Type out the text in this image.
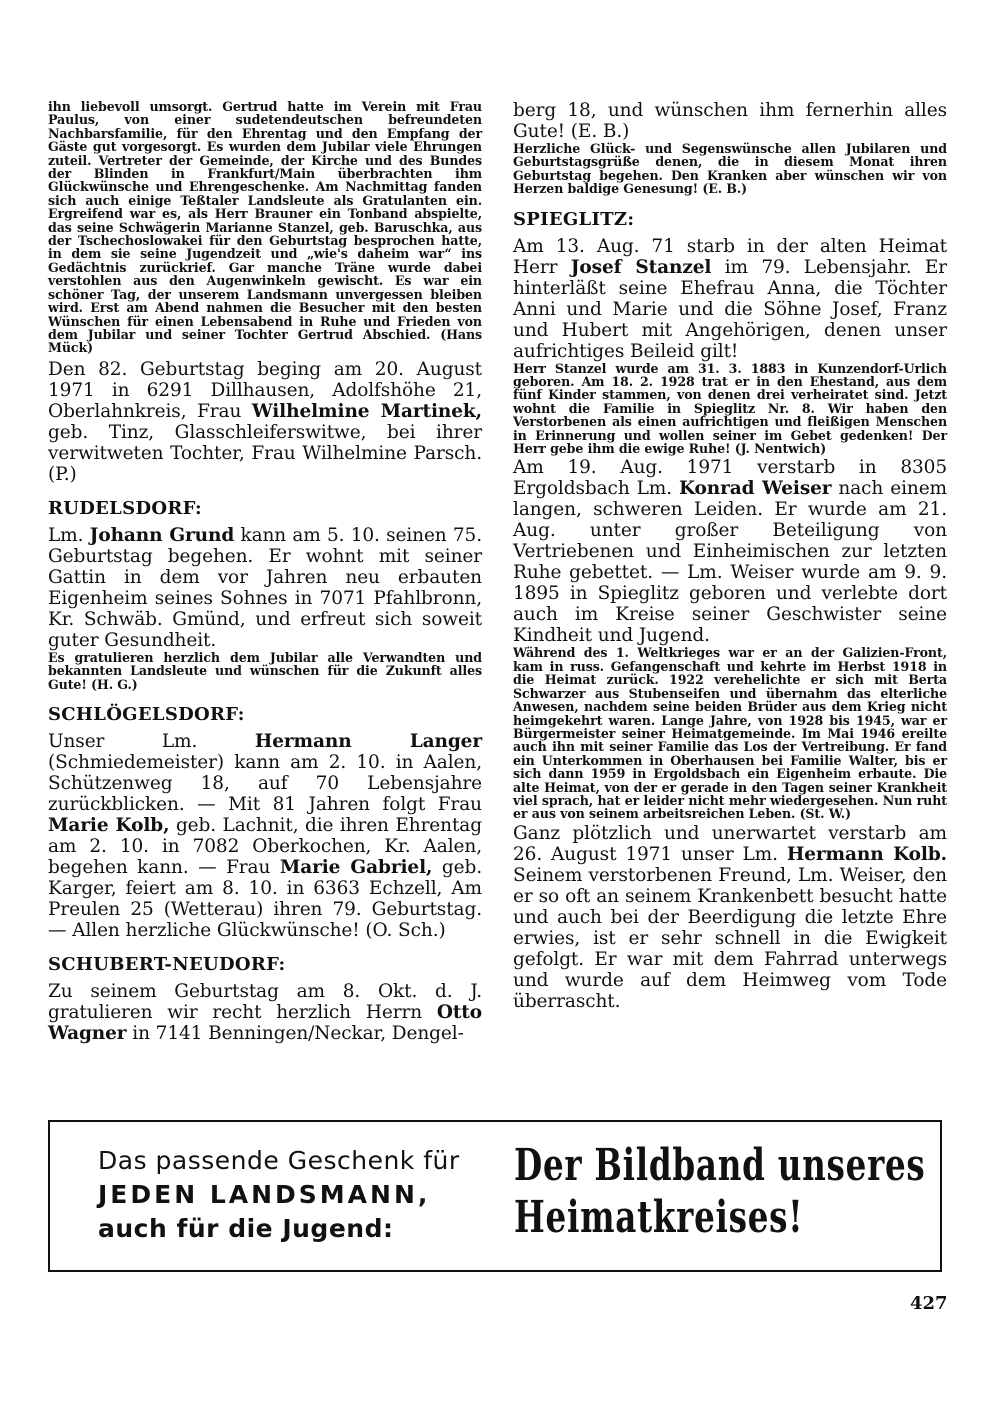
ihn liebevoll umsorgt. Gertrud hatte im Verein mit Frau Paulus, von einer sudetendeutschen befreundeten Nachbarsfamilie, für den Ehrentag und den Empfang der Gäste gut vorgesorgt. Es wurden dem Jubilar viele Ehrungen zuteil. Vertreter der Gemeinde, der Kirche und des Bundes der Blinden in Frankfurt/Main überbrachten ihm Glückwünsche und Ehrengeschenke. Am Nachmittag fanden sich auch einige Teßtaler Landsleute als Gratulanten ein. Ergreifend war es, als Herr Brauner ein Tonband abspielte, das seine Schwägerin Marianne Stanzel, geb. Baruschka, aus der Tschechoslowakei für den Geburtstag besprochen hatte, in dem sie seine Jugendzeit und „wie's daheim war“ ins Gedächtnis zurückrief. Gar manche Träne wurde dabei verstohlen aus den Augenwinkeln gewischt. Es war ein schöner Tag, der unserem Landsmann unvergessen bleiben wird. Erst am Abend nahmen die Besucher mit den besten Wünschen für einen Lebensabend in Ruhe und Frieden von dem Jubilar und seiner Tochter Gertrud Abschied. (Hans Mück)

Den 82. Geburtstag beging am 20. August 1971 in 6291 Dillhausen, Adolfshöhe 21, Oberlahnkreis, Frau Wilhelmine Martinek, geb. Tinz, Glasschleiferswitwe, bei ihrer verwitweten Tochter, Frau Wilhelmine Parsch. (P.)

RUDELSDORF:

Lm. Johann Grund kann am 5. 10. seinen 75. Geburtstag begehen. Er wohnt mit seiner Gattin in dem vor Jahren neu erbauten Eigenheim seines Sohnes in 7071 Pfahlbronn, Kr. Schwäb. Gmünd, und erfreut sich soweit guter Gesundheit.

Es gratulieren herzlich dem Jubilar alle Verwandten und bekannten Landsleute und wünschen für die Zukunft alles Gute! (H. G.)

SCHLÖGELSDORF:

Unser Lm. Hermann Langer (Schmiedemeister) kann am 2. 10. in Aalen, Schützenweg 18, auf 70 Lebensjahre zurückblicken. — Mit 81 Jahren folgt Frau Marie Kolb, geb. Lachnit, die ihren Ehrentag am 2. 10. in 7082 Oberkochen, Kr. Aalen, begehen kann. — Frau Marie Gabriel, geb. Karger, feiert am 8. 10. in 6363 Echzell, Am Preulen 25 (Wetterau) ihren 79. Geburtstag. — Allen herzliche Glückwünsche! (O. Sch.)

SCHUBERT-NEUDORF:

Zu seinem Geburtstag am 8. Okt. d. J. gratulieren wir recht herzlich Herrn Otto Wagner in 7141 Benningen/Neckar, Dengel-

berg 18, und wünschen ihm fernerhin alles Gute! (E. B.)

Herzliche Glück- und Segenswünsche allen Jubilaren und Geburtstagsgrüße denen, die in diesem Monat ihren Geburtstag begehen. Den Kranken aber wünschen wir von Herzen baldige Genesung! (E. B.)

SPIEGLITZ:

Am 13. Aug. 71 starb in der alten Heimat Herr Josef Stanzel im 79. Lebensjahr. Er hinterläßt seine Ehefrau Anna, die Töchter Anni und Marie und die Söhne Josef, Franz und Hubert mit Angehörigen, denen unser aufrichtiges Beileid gilt!

Herr Stanzel wurde am 31. 3. 1883 in Kunzendorf-Urlich geboren. Am 18. 2. 1928 trat er in den Ehestand, aus dem fünf Kinder stammen, von denen drei verheiratet sind. Jetzt wohnt die Familie in Spieglitz Nr. 8. Wir haben den Verstorbenen als einen aufrichtigen und fleißigen Menschen in Erinnerung und wollen seiner im Gebet gedenken! Der Herr gebe ihm die ewige Ruhe! (J. Nentwich)

Am 19. Aug. 1971 verstarb in 8305 Ergoldsbach Lm. Konrad Weiser nach einem langen, schweren Leiden. Er wurde am 21. Aug. unter großer Beteiligung von Vertriebenen und Einheimischen zur letzten Ruhe gebettet. — Lm. Weiser wurde am 9. 9. 1895 in Spieglitz geboren und verlebte dort auch im Kreise seiner Geschwister seine Kindheit und Jugend.

Während des 1. Weltkrieges war er an der Galizien-Front, kam in russ. Gefangenschaft und kehrte im Herbst 1918 in die Heimat zurück. 1922 verehelichte er sich mit Berta Schwarzer aus Stubenseifen und übernahm das elterliche Anwesen, nachdem seine beiden Brüder aus dem Krieg nicht heimgekehrt waren. Lange Jahre, von 1928 bis 1945, war er Bürgermeister seiner Heimatgemeinde. Im Mai 1946 ereilte auch ihn mit seiner Familie das Los der Vertreibung. Er fand ein Unterkommen in Oberhausen bei Familie Walter, bis er sich dann 1959 in Ergoldsbach ein Eigenheim erbaute. Die alte Heimat, von der er gerade in den Tagen seiner Krankheit viel sprach, hat er leider nicht mehr wiedergesehen. Nun ruht er aus von seinem arbeitsreichen Leben. (St. W.)

Ganz plötzlich und unerwartet verstarb am 26. August 1971 unser Lm. Hermann Kolb. Seinem verstorbenen Freund, Lm. Weiser, den er so oft an seinem Krankenbett besucht hatte und auch bei der Beerdigung die letzte Ehre erwies, ist er sehr schnell in die Ewigkeit gefolgt. Er war mit dem Fahrrad unterwegs und wurde auf dem Heimweg vom Tode überrascht.

Das passende Geschenk für
JEDEN LANDSMANN,
auch für die Jugend:
Der Bildband unseres
Heimatkreises!
427
